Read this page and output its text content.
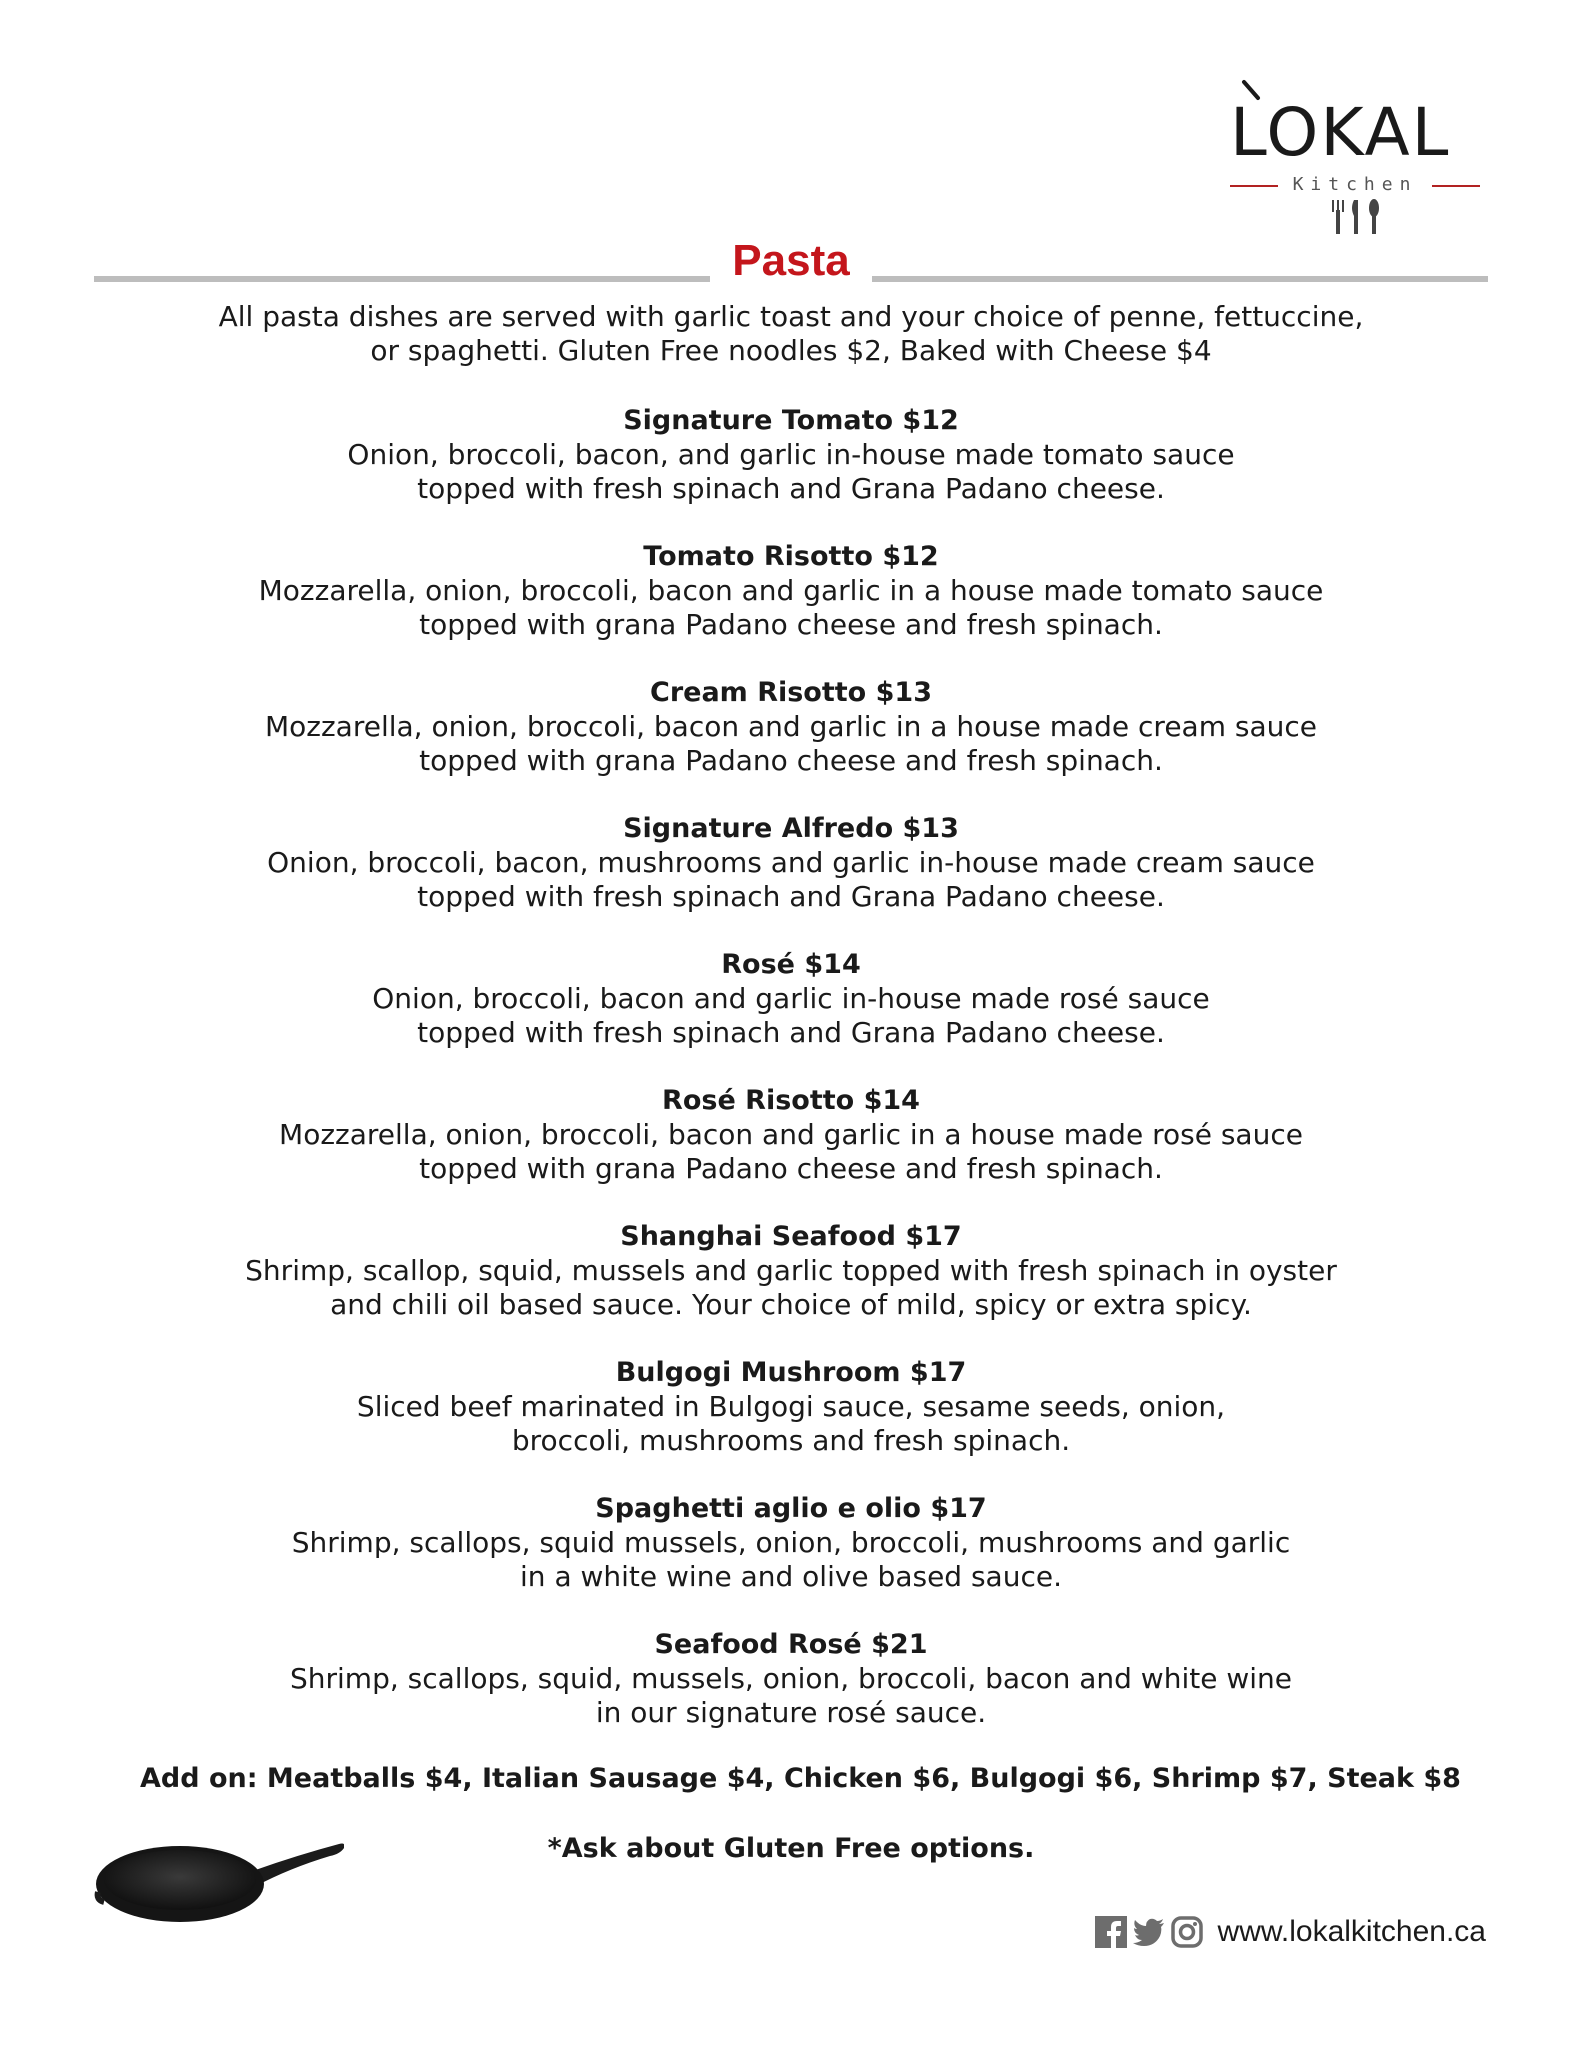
LOKAL
Kitchen
Pasta
All pasta dishes are served with garlic toast and your choice of penne, fettuccine,
or spaghetti. Gluten Free noodles $2, Baked with Cheese $4
Signature Tomato $12
Onion, broccoli, bacon, and garlic in-house made tomato sauce
topped with fresh spinach and Grana Padano cheese.
Tomato Risotto $12
Mozzarella, onion, broccoli, bacon and garlic in a house made tomato sauce
topped with grana Padano cheese and fresh spinach.
Cream Risotto $13
Mozzarella, onion, broccoli, bacon and garlic in a house made cream sauce
topped with grana Padano cheese and fresh spinach.
Signature Alfredo $13
Onion, broccoli, bacon, mushrooms and garlic in-house made cream sauce
topped with fresh spinach and Grana Padano cheese.
Rosé $14
Onion, broccoli, bacon and garlic in-house made rosé sauce
topped with fresh spinach and Grana Padano cheese.
Rosé Risotto $14
Mozzarella, onion, broccoli, bacon and garlic in a house made rosé sauce
topped with grana Padano cheese and fresh spinach.
Shanghai Seafood $17
Shrimp, scallop, squid, mussels and garlic topped with fresh spinach in oyster
and chili oil based sauce. Your choice of mild, spicy or extra spicy.
Bulgogi Mushroom $17
Sliced beef marinated in Bulgogi sauce, sesame seeds, onion,
broccoli, mushrooms and fresh spinach.
Spaghetti aglio e olio $17
Shrimp, scallops, squid mussels, onion, broccoli, mushrooms and garlic
in a white wine and olive based sauce.
Seafood Rosé $21
Shrimp, scallops, squid, mussels, onion, broccoli, bacon and white wine
in our signature rosé sauce.
Add on: Meatballs $4, Italian Sausage $4, Chicken $6, Bulgogi $6, Shrimp $7, Steak $8
*Ask about Gluten Free options.
www.lokalkitchen.ca
